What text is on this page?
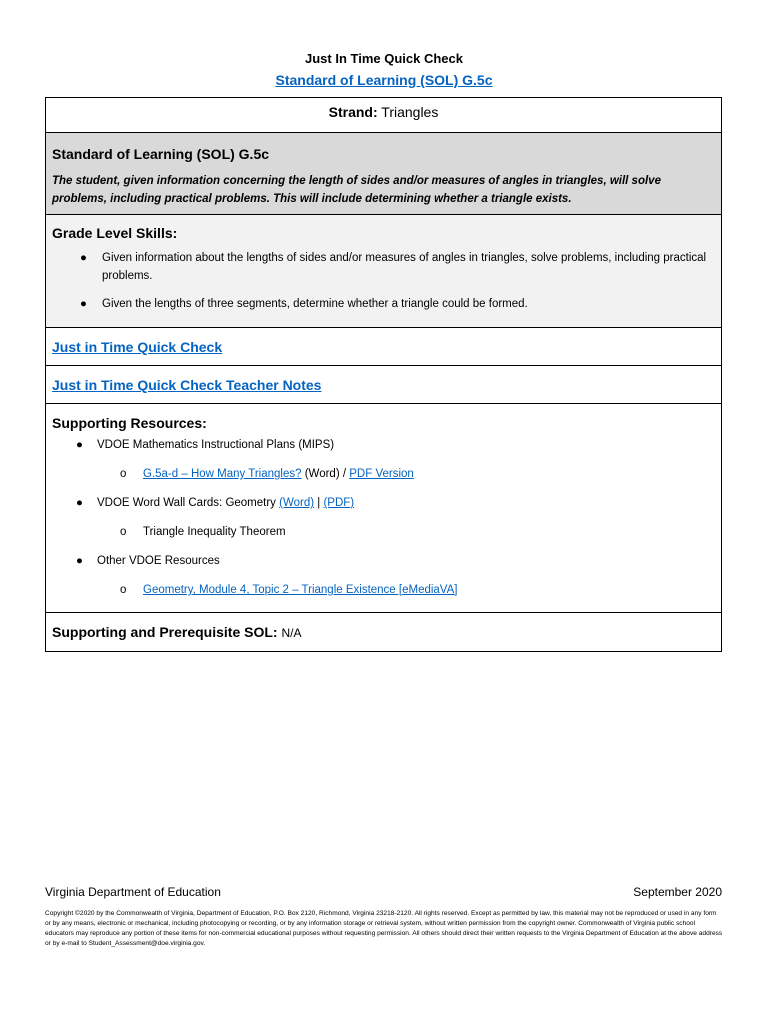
Just In Time Quick Check
Standard of Learning (SOL) G.5c
Strand: Triangles
Standard of Learning (SOL) G.5c

The student, given information concerning the length of sides and/or measures of angles in triangles, will solve problems, including practical problems. This will include determining whether a triangle exists.

Grade Level Skills:
● Given information about the lengths of sides and/or measures of angles in triangles, solve problems, including practical problems.
● Given the lengths of three segments, determine whether a triangle could be formed.
Just in Time Quick Check
Just in Time Quick Check Teacher Notes
Supporting Resources:
● VDOE Mathematics Instructional Plans (MIPS)
o G.5a-d – How Many Triangles? (Word) / PDF Version
● VDOE Word Wall Cards: Geometry (Word) | (PDF)
o Triangle Inequality Theorem
● Other VDOE Resources
o Geometry, Module 4, Topic 2 – Triangle Existence [eMediaVA]
Supporting and Prerequisite SOL: N/A
Virginia Department of Education	September 2020
Copyright ©2020 by the Commonwealth of Virginia, Department of Education, P.O. Box 2120, Richmond, Virginia 23218-2120. All rights reserved. Except as permitted by law, this material may not be reproduced or used in any form or by any means, electronic or mechanical, including photocopying or recording, or by any information storage or retrieval system, without written permission from the copyright owner. Commonwealth of Virginia public school educators may reproduce any portion of these items for non-commercial educational purposes without requesting permission. All others should direct their written requests to the Virginia Department of Education at the above address or by e-mail to Student_Assessment@doe.virginia.gov.
